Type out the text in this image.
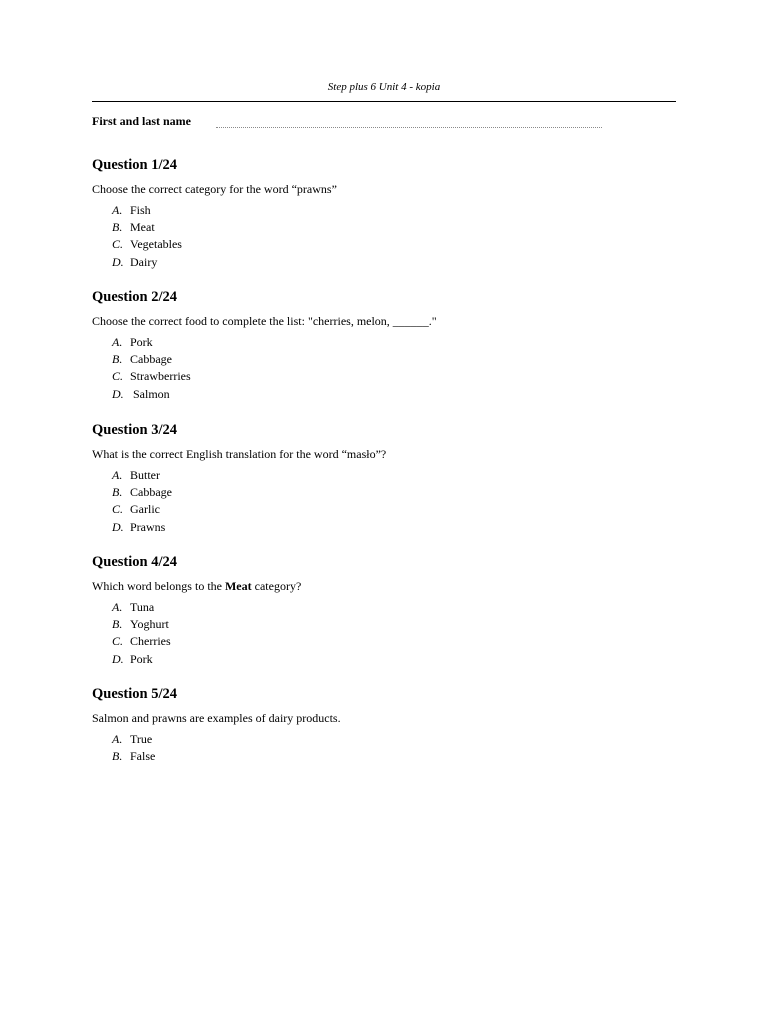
Step plus 6 Unit 4 - kopia
First and last name
Question 1/24
Choose the correct category for the word “prawns”
A. Fish
B. Meat
C. Vegetables
D. Dairy
Question 2/24
Choose the correct food to complete the list: "cherries, melon, ______."
A. Pork
B. Cabbage
C. Strawberries
D. Salmon
Question 3/24
What is the correct English translation for the word “masło”?
A. Butter
B. Cabbage
C. Garlic
D. Prawns
Question 4/24
Which word belongs to the Meat category?
A. Tuna
B. Yoghurt
C. Cherries
D. Pork
Question 5/24
Salmon and prawns are examples of dairy products.
A. True
B. False
